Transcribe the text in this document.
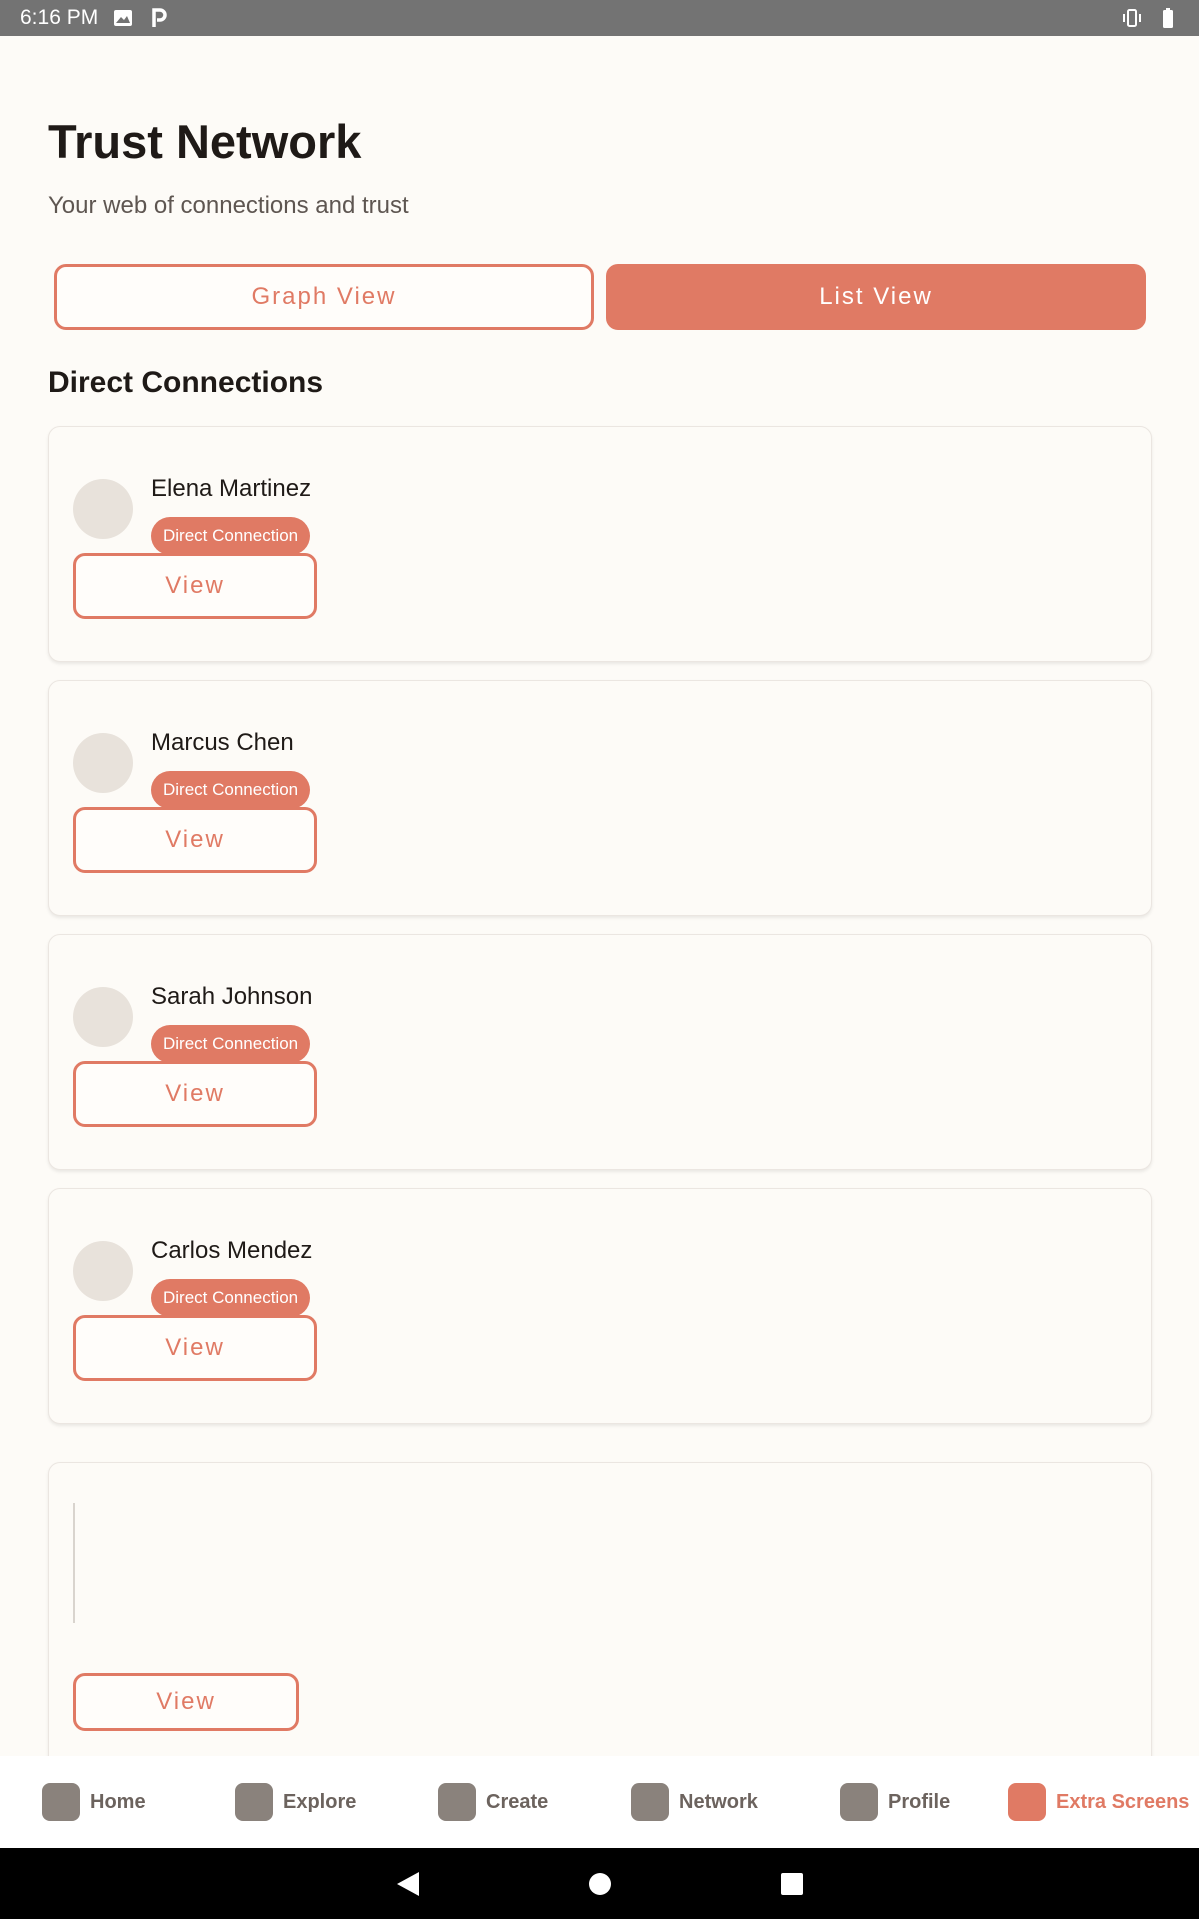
6:16 PM
Trust Network

Your web of connections and trust

Graph View	List View
Direct Connections
Elena Martinez
Direct Connection
View
Marcus Chen
Direct Connection
View
Sarah Johnson
Direct Connection
View
Carlos Mendez
Direct Connection
View
View
Home	Explore	Create	Network	Profile	Extra Screens
